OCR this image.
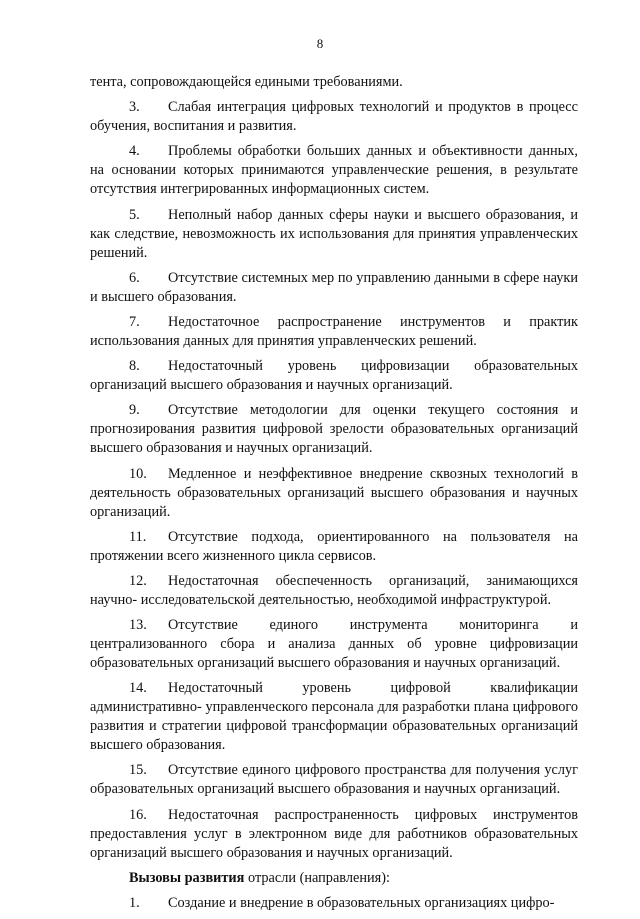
8

тента, сопровождающейся едиными требованиями.

3. Слабая интеграция цифровых технологий и продуктов в процесс обучения, воспитания и развития.

4. Проблемы обработки больших данных и объективности данных, на основании которых принимаются управленческие решения, в результате отсутствия интегрированных информационных систем.

5. Неполный набор данных сферы науки и высшего образования, и как следствие, невозможность их использования для принятия управленческих решений.

6. Отсутствие системных мер по управлению данными в сфере науки и высшего образования.

7. Недостаточное распространение инструментов и практик использования данных для принятия управленческих решений.

8. Недостаточный уровень цифровизации образовательных организаций высшего образования и научных организаций.

9. Отсутствие методологии для оценки текущего состояния и прогнозирования развития цифровой зрелости образовательных организаций высшего образования и научных организаций.

10. Медленное и неэффективное внедрение сквозных технологий в деятельность образовательных организаций высшего образования и научных организаций.

11. Отсутствие подхода, ориентированного на пользователя на протяжении всего жизненного цикла сервисов.

12. Недостаточная обеспеченность организаций, занимающихся научно- исследовательской деятельностью, необходимой инфраструктурой.

13. Отсутствие единого инструмента мониторинга и централизованного сбора и анализа данных об уровне цифровизации образовательных организаций высшего образования и научных организаций.

14. Недостаточный уровень цифровой квалификации административно- управленческого персонала для разработки плана цифрового развития и стратегии цифровой трансформации образовательных организаций высшего образования.

15. Отсутствие единого цифрового пространства для получения услуг образовательных организаций высшего образования и научных организаций.

16. Недостаточная распространенность цифровых инструментов предоставления услуг в электронном виде для работников образовательных организаций высшего образования и научных организаций.

Вызовы развития отрасли (направления):

1. Создание и внедрение в образовательных организациях цифро-
